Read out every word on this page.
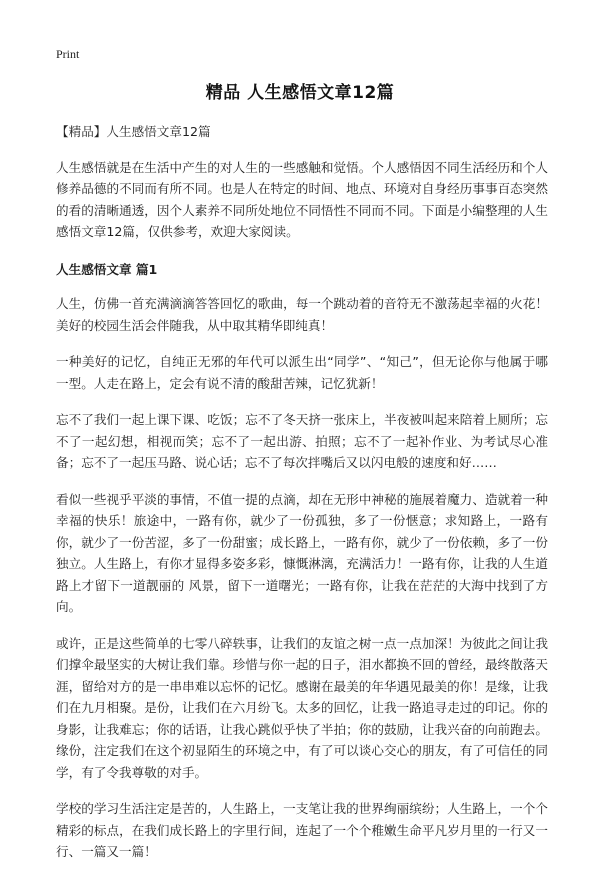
Print
精品 人生感悟文章12篇

【精品】人生感悟文章12篇

人生感悟就是在生活中产生的对人生的一些感触和觉悟。个人感悟因不同生活经历和个人修养品德的不同而有所不同。也是人在特定的时间、地点、环境对自身经历事事百态突然的看的清晰通透，因个人素养不同所处地位不同悟性不同而不同。下面是小编整理的人生感悟文章12篇，仅供参考，欢迎大家阅读。

人生感悟文章 篇1

人生，仿佛一首充满滴滴答答回忆的歌曲，每一个跳动着的音符无不激荡起幸福的火花！美好的校园生活会伴随我，从中取其精华即纯真！

一种美好的记忆，自纯正无邪的年代可以派生出“同学”、“知己”，但无论你与他属于哪一型。人走在路上，定会有说不清的酸甜苦辣，记忆犹新！

忘不了我们一起上课下课、吃饭；忘不了冬天挤一张床上，半夜被叫起来陪着上厕所；忘不了一起幻想，相视而笑；忘不了一起出游、拍照；忘不了一起补作业、为考试尽心准备；忘不了一起压马路、说心话；忘不了每次拌嘴后又以闪电般的速度和好……

看似一些视乎平淡的事情，不值一提的点滴，却在无形中神秘的施展着魔力、造就着一种幸福的快乐！旅途中，一路有你，就少了一份孤独，多了一份惬意；求知路上，一路有你，就少了一份苦涩，多了一份甜蜜；成长路上，一路有你，就少了一份依赖，多了一份独立。人生路上，有你才显得多姿多彩，慷慨淋漓，充满活力！一路有你，让我的人生道路上才留下一道靓丽的 风景，留下一道曙光；一路有你，让我在茫茫的大海中找到了方向。

或许，正是这些简单的七零八碎轶事，让我们的友谊之树一点一点加深！为彼此之间让我们撑伞最坚实的大树让我们靠。珍惜与你一起的日子，泪水都换不回的曾经，最终散落天涯，留给对方的是一串串难以忘怀的记忆。感谢在最美的年华遇见最美的你！是缘，让我们在九月相聚。是份，让我们在六月纷飞。太多的回忆，让我一路追寻走过的印记。你的身影，让我难忘；你的话语，让我心跳似乎快了半拍；你的鼓励，让我兴奋的向前跑去。缘份，注定我们在这个初显陌生的环境之中，有了可以谈心交心的朋友，有了可信任的同学，有了令我尊敬的对手。

学校的学习生活注定是苦的，人生路上，一支笔让我的世界绚丽缤纷；人生路上，一个个精彩的标点，在我们成长路上的字里行间，连起了一个个稚嫩生命平凡岁月里的一行又一行、一篇又一篇！
